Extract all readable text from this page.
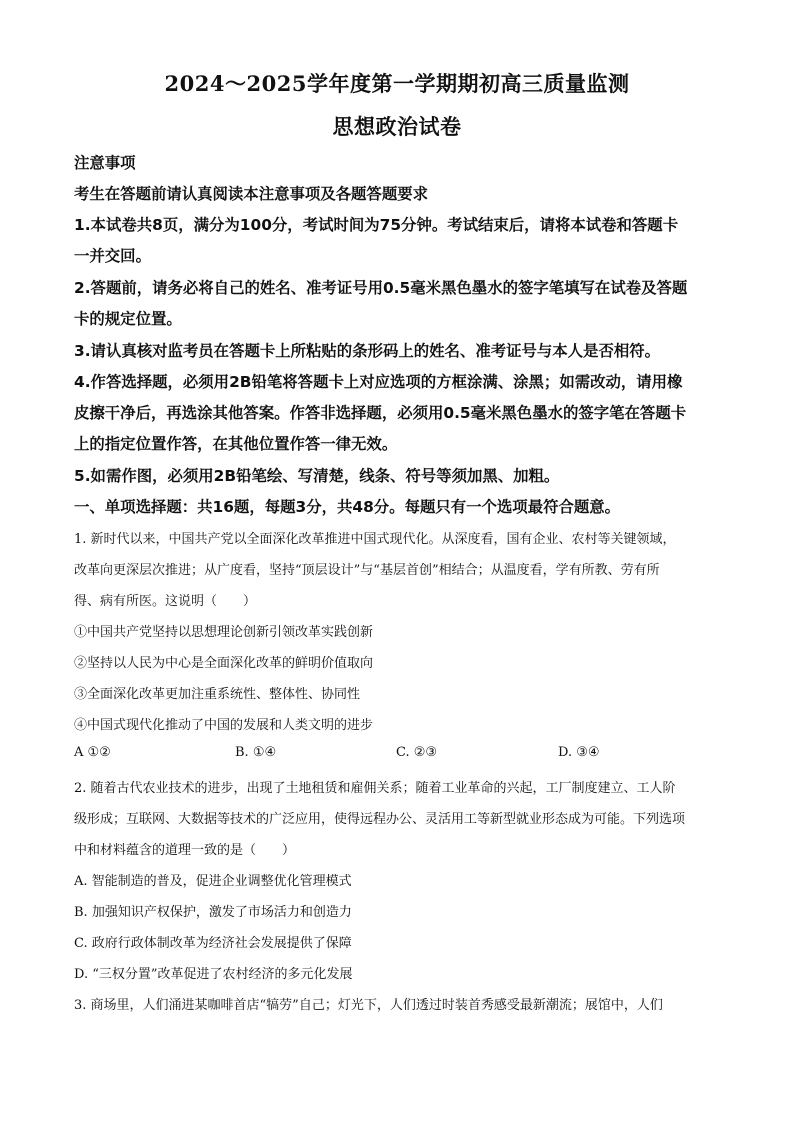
2024～2025学年度第一学期期初高三质量监测
思想政治试卷
注意事项
考生在答题前请认真阅读本注意事项及各题答题要求
1.本试卷共8页，满分为100分，考试时间为75分钟。考试结束后，请将本试卷和答题卡
一并交回。
2.答题前，请务必将自己的姓名、准考证号用0.5毫米黑色墨水的签字笔填写在试卷及答题
卡的规定位置。
3.请认真核对监考员在答题卡上所粘贴的条形码上的姓名、准考证号与本人是否相符。
4.作答选择题，必须用2B铅笔将答题卡上对应选项的方框涂满、涂黑；如需改动，请用橡
皮擦干净后，再选涂其他答案。作答非选择题，必须用0.5毫米黑色墨水的签字笔在答题卡
上的指定位置作答，在其他位置作答一律无效。
5.如需作图，必须用2B铅笔绘、写清楚，线条、符号等须加黑、加粗。
一、单项选择题：共16题，每题3分，共48分。每题只有一个选项最符合题意。
1. 新时代以来，中国共产党以全面深化改革推进中国式现代化。从深度看，国有企业、农村等关键领域，
改革向更深层次推进；从广度看，坚持“顶层设计”与“基层首创”相结合；从温度看，学有所教、劳有所
得、病有所医。这说明（　　）
①中国共产党坚持以思想理论创新引领改革实践创新
②坚持以人民为中心是全面深化改革的鲜明价值取向
③全面深化改革更加注重系统性、整体性、协同性
④中国式现代化推动了中国的发展和人类文明的进步
A ①②	B. ①④	C. ②③	D. ③④
2. 随着古代农业技术的进步，出现了土地租赁和雇佣关系；随着工业革命的兴起，工厂制度建立、工人阶
级形成；互联网、大数据等技术的广泛应用，使得远程办公、灵活用工等新型就业形态成为可能。下列选项
中和材料蕴含的道理一致的是（　　）
A. 智能制造的普及，促进企业调整优化管理模式
B. 加强知识产权保护，激发了市场活力和创造力
C. 政府行政体制改革为经济社会发展提供了保障
D. “三权分置”改革促进了农村经济的多元化发展
3. 商场里，人们涌进某咖啡首店“犒劳”自己；灯光下，人们透过时装首秀感受最新潮流；展馆中，人们
